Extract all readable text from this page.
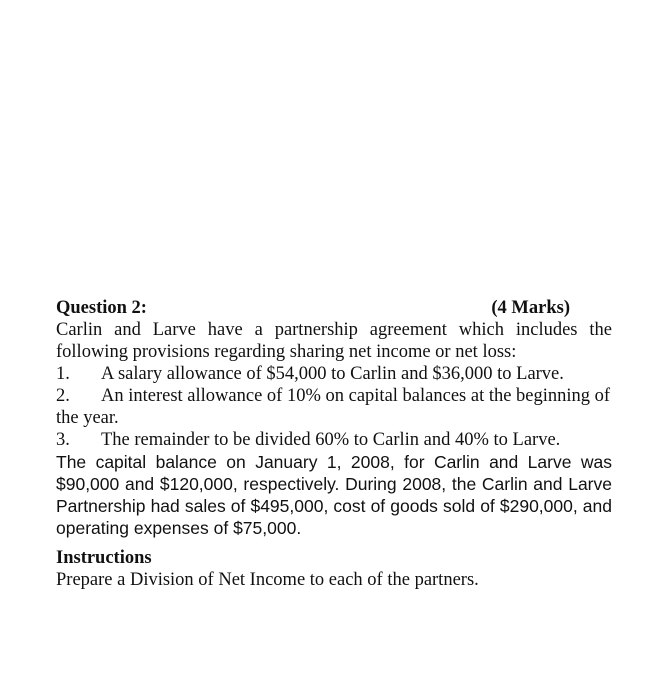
Question 2:	(4 Marks)
Carlin and Larve have a partnership agreement which includes the following provisions regarding sharing net income or net loss:
1. A salary allowance of $54,000 to Carlin and $36,000 to Larve.
2. An interest allowance of 10% on capital balances at the beginning of the year.
3. The remainder to be divided 60% to Carlin and 40% to Larve.
The capital balance on January 1, 2008, for Carlin and Larve was $90,000 and $120,000, respectively. During 2008, the Carlin and Larve Partnership had sales of $495,000, cost of goods sold of $290,000, and operating expenses of $75,000.
Instructions
Prepare a Division of Net Income to each of the partners.
